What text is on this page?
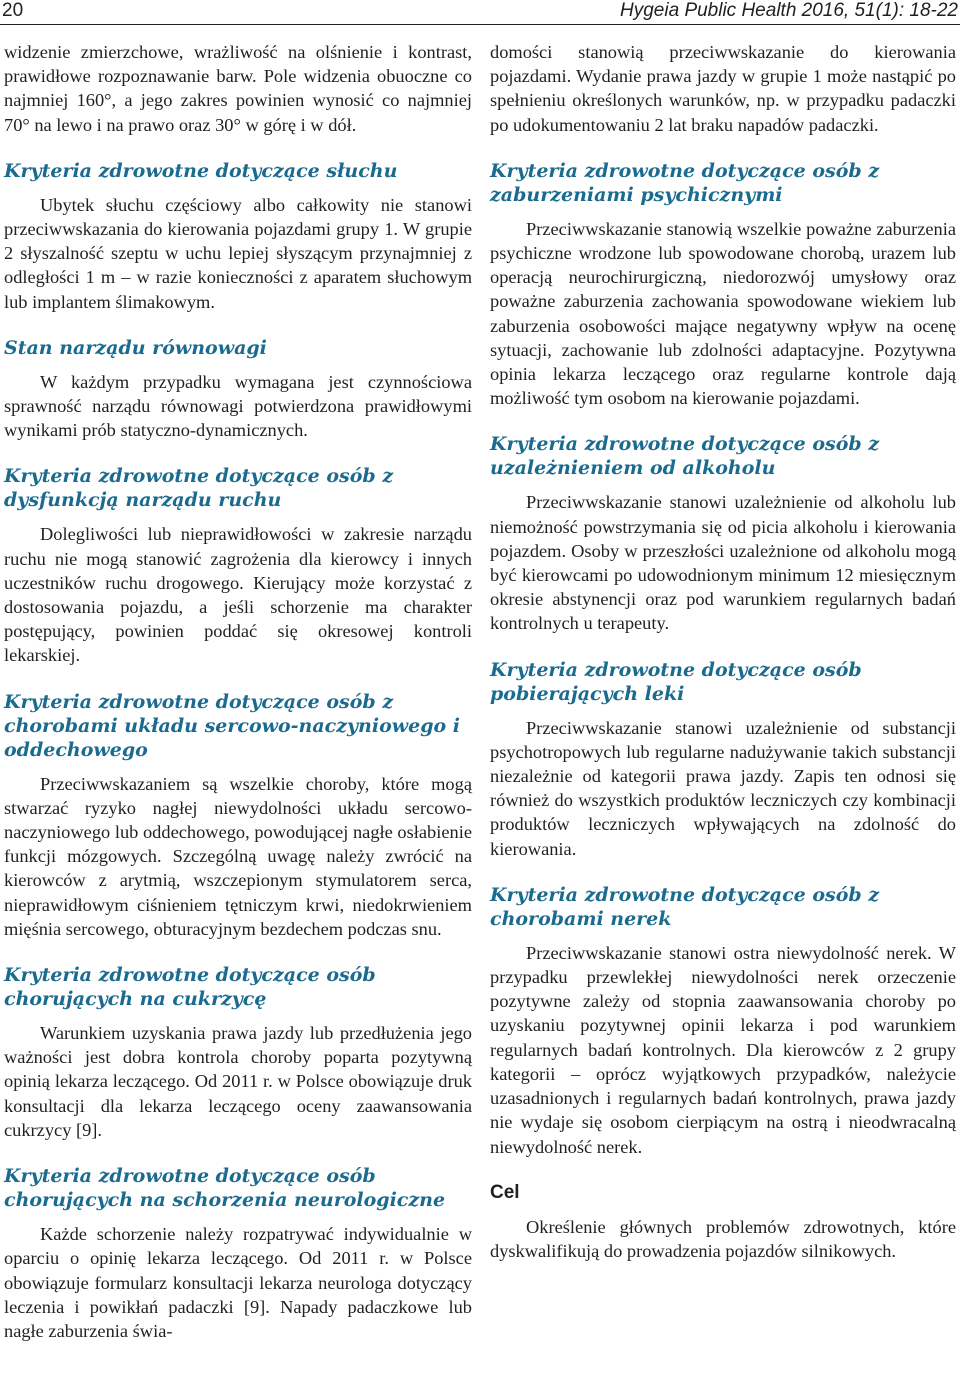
20	Hygeia Public Health 2016, 51(1): 18-22

widzenie zmierzchowe, wrażliwość na olśnienie i kontrast, prawidłowe rozpoznawanie barw. Pole widzenia obuoczne co najmniej 160°, a jego zakres powinien wynosić co najmniej 70° na lewo i na prawo oraz 30° w górę i w dół.

Kryteria zdrowotne dotyczące słuchu

Ubytek słuchu częściowy albo całkowity nie stanowi przeciwwskazania do kierowania pojazdami grupy 1. W grupie 2 słyszalność szeptu w uchu lepiej słyszącym przynajmniej z odległości 1 m – w razie konieczności z aparatem słuchowym lub implantem ślimakowym.

Stan narządu równowagi

W każdym przypadku wymagana jest czynnościowa sprawność narządu równowagi potwierdzona prawidłowymi wynikami prób statyczno-dynamicznych.

Kryteria zdrowotne dotyczące osób z dysfunkcją narządu ruchu

Dolegliwości lub nieprawidłowości w zakresie narządu ruchu nie mogą stanowić zagrożenia dla kierowcy i innych uczestników ruchu drogowego. Kierujący może korzystać z dostosowania pojazdu, a jeśli schorzenie ma charakter postępujący, powinien poddać się okresowej kontroli lekarskiej.

Kryteria zdrowotne dotyczące osób z chorobami układu sercowo-naczyniowego i oddechowego

Przeciwwskazaniem są wszelkie choroby, które mogą stwarzać ryzyko nagłej niewydolności układu sercowo-naczyniowego lub oddechowego, powodującej nagłe osłabienie funkcji mózgowych. Szczególną uwagę należy zwrócić na kierowców z arytmią, wszczepionym stymulatorem serca, nieprawidłowym ciśnieniem tętniczym krwi, niedokrwieniem mięśnia sercowego, obturacyjnym bezdechem podczas snu.

Kryteria zdrowotne dotyczące osób chorujących na cukrzycę

Warunkiem uzyskania prawa jazdy lub przedłużenia jego ważności jest dobra kontrola choroby poparta pozytywną opinią lekarza leczącego. Od 2011 r. w Polsce obowiązuje druk konsultacji dla lekarza leczącego oceny zaawansowania cukrzycy [9].

Kryteria zdrowotne dotyczące osób chorujących na schorzenia neurologiczne

Każde schorzenie należy rozpatrywać indywidualnie w oparciu o opinię lekarza leczącego. Od 2011 r. w Polsce obowiązuje formularz konsultacji lekarza neurologa dotyczący leczenia i powikłań padaczki [9]. Napady padaczkowe lub nagłe zaburzenia świa-

domości stanowią przeciwwskazanie do kierowania pojazdami. Wydanie prawa jazdy w grupie 1 może nastąpić po spełnieniu określonych warunków, np. w przypadku padaczki po udokumentowaniu 2 lat braku napadów padaczki.

Kryteria zdrowotne dotyczące osób z zaburzeniami psychicznymi

Przeciwwskazanie stanowią wszelkie poważne zaburzenia psychiczne wrodzone lub spowodowane chorobą, urazem lub operacją neurochirurgiczną, niedorozwój umysłowy oraz poważne zaburzenia zachowania spowodowane wiekiem lub zaburzenia osobowości mające negatywny wpływ na ocenę sytuacji, zachowanie lub zdolności adaptacyjne. Pozytywna opinia lekarza leczącego oraz regularne kontrole dają możliwość tym osobom na kierowanie pojazdami.

Kryteria zdrowotne dotyczące osób z uzależnieniem od alkoholu

Przeciwwskazanie stanowi uzależnienie od alkoholu lub niemożność powstrzymania się od picia alkoholu i kierowania pojazdem. Osoby w przeszłości uzależnione od alkoholu mogą być kierowcami po udowodnionym minimum 12 miesięcznym okresie abstynencji oraz pod warunkiem regularnych badań kontrolnych u terapeuty.

Kryteria zdrowotne dotyczące osób pobierających leki

Przeciwwskazanie stanowi uzależnienie od substancji psychotropowych lub regularne nadużywanie takich substancji niezależnie od kategorii prawa jazdy. Zapis ten odnosi się również do wszystkich produktów leczniczych czy kombinacji produktów leczniczych wpływających na zdolność do kierowania.

Kryteria zdrowotne dotyczące osób z chorobami nerek

Przeciwwskazanie stanowi ostra niewydolność nerek. W przypadku przewlekłej niewydolności nerek orzeczenie pozytywne zależy od stopnia zaawansowania choroby po uzyskaniu pozytywnej opinii lekarza i pod warunkiem regularnych badań kontrolnych. Dla kierowców z 2 grupy kategorii – oprócz wyjątkowych przypadków, należycie uzasadnionych i regularnych badań kontrolnych, prawa jazdy nie wydaje się osobom cierpiącym na ostrą i nieodwracalną niewydolność nerek.

Cel

Określenie głównych problemów zdrowotnych, które dyskwalifikują do prowadzenia pojazdów silnikowych.
